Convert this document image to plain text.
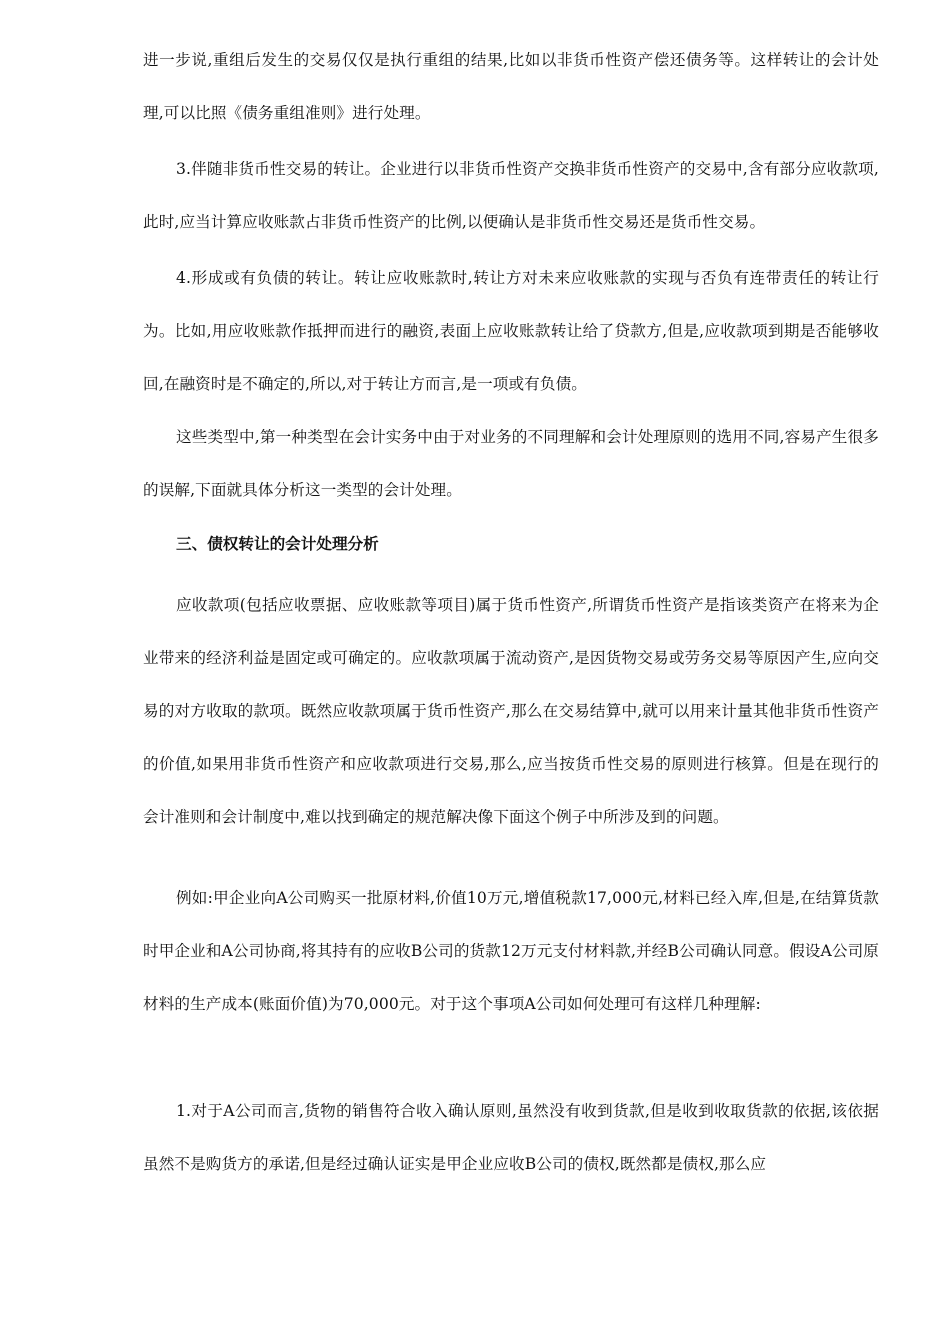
进一步说,重组后发生的交易仅仅是执行重组的结果,比如以非货币性资产偿还债务等。这样转让的会计处理,可以比照《债务重组准则》进行处理。

3.伴随非货币性交易的转让。企业进行以非货币性资产交换非货币性资产的交易中,含有部分应收款项,此时,应当计算应收账款占非货币性资产的比例,以便确认是非货币性交易还是货币性交易。

4.形成或有负债的转让。转让应收账款时,转让方对未来应收账款的实现与否负有连带责任的转让行为。比如,用应收账款作抵押而进行的融资,表面上应收账款转让给了贷款方,但是,应收款项到期是否能够收回,在融资时是不确定的,所以,对于转让方而言,是一项或有负债。

这些类型中,第一种类型在会计实务中由于对业务的不同理解和会计处理原则的选用不同,容易产生很多的误解,下面就具体分析这一类型的会计处理。

三、债权转让的会计处理分析

应收款项(包括应收票据、应收账款等项目)属于货币性资产,所谓货币性资产是指该类资产在将来为企业带来的经济利益是固定或可确定的。应收款项属于流动资产,是因货物交易或劳务交易等原因产生,应向交易的对方收取的款项。既然应收款项属于货币性资产,那么在交易结算中,就可以用来计量其他非货币性资产的价值,如果用非货币性资产和应收款项进行交易,那么,应当按货币性交易的原则进行核算。但是在现行的会计准则和会计制度中,难以找到确定的规范解决像下面这个例子中所涉及到的问题。

例如:甲企业向A公司购买一批原材料,价值10万元,增值税款17,000元,材料已经入库,但是,在结算货款时甲企业和A公司协商,将其持有的应收B公司的货款12万元支付材料款,并经B公司确认同意。假设A公司原材料的生产成本(账面价值)为70,000元。对于这个事项A公司如何处理可有这样几种理解:

1.对于A公司而言,货物的销售符合收入确认原则,虽然没有收到货款,但是收到收取货款的依据,该依据虽然不是购货方的承诺,但是经过确认证实是甲企业应收B公司的债权,既然都是债权,那么应
